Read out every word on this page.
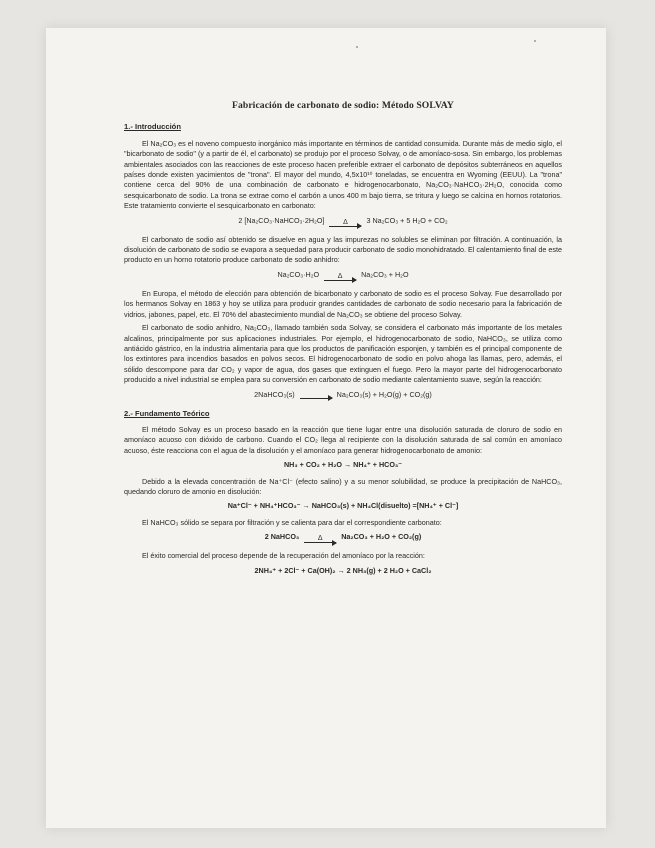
Fabricación de carbonato de sodio: Método SOLVAY
1.- Introducción

El Na₂CO₃ es el noveno compuesto inorgánico más importante en términos de cantidad consumida. Durante más de medio siglo, el "bicarbonato de sodio" (y a partir de él, el carbonato) se produjo por el proceso Solvay, o de amoníaco-sosa. Sin embargo, los problemas ambientales asociados con las reacciones de este proceso hacen preferible extraer el carbonato de depósitos subterráneos en aquellos países donde existen yacimientos de "trona". El mayor del mundo, 4,5x10¹⁰ toneladas, se encuentra en Wyoming (EEUU). La "trona" contiene cerca del 90% de una combinación de carbonato e hidrogenocarbonato, Na₂CO₃·NaHCO₃·2H₂O, conocida como sesquicarbonato de sodio. La trona se extrae como el carbón a unos 400 m bajo tierra, se tritura y luego se calcina en hornos rotatorios. Este tratamiento convierte el sesquicarbonato en carbonato:

2 [Na₂CO₃·NaHCO₃·2H₂O]	Δ	3 Na₂CO₃ + 5 H₂O + CO₂

El carbonato de sodio así obtenido se disuelve en agua y las impurezas no solubles se eliminan por filtración. A continuación, la disolución de carbonato de sodio se evapora a sequedad para producir carbonato de sodio monohidratado. El calentamiento final de este producto en un horno rotatorio produce carbonato de sodio anhidro:

Na₂CO₃·H₂O	Δ	Na₂CO₃ + H₂O

En Europa, el método de elección para obtención de bicarbonato y carbonato de sodio es el proceso Solvay. Fue desarrollado por los hermanos Solvay en 1863 y hoy se utiliza para producir grandes cantidades de carbonato de sodio necesario para la fabricación de vidrios, jabones, papel, etc. El 70% del abastecimiento mundial de Na₂CO₃ se obtiene del proceso Solvay.

El carbonato de sodio anhidro, Na₂CO₃, llamado también soda Solvay, se considera el carbonato más importante de los metales alcalinos, principalmente por sus aplicaciones industriales. Por ejemplo, el hidrogenocarbonato de sodio, NaHCO₃, se utiliza como antiácido gástrico, en la industria alimentaria para que los productos de panificación esponjen, y también es el principal componente de los extintores para incendios basados en polvos secos. El hidrogenocarbonato de sodio en polvo ahoga las llamas, pero, además, el sólido descompone para dar CO₂ y vapor de agua, dos gases que extinguen el fuego. Pero la mayor parte del hidrogenocarbonato producido a nivel industrial se emplea para su conversión en carbonato de sodio mediante calentamiento suave, según la reacción:

2NaHCO₃(s)	Na₂CO₃(s) + H₂O(g) + CO₂(g)
2.- Fundamento Teórico

El método Solvay es un proceso basado en la reacción que tiene lugar entre una disolución saturada de cloruro de sodio en amoníaco acuoso con dióxido de carbono. Cuando el CO₂ llega al recipiente con la disolución saturada de sal común en amoníaco acuoso, éste reacciona con el agua de la disolución y el amoníaco para generar hidrogenocarbonato de amonio:

NH₃ + CO₂ + H₂O → NH₄⁺ + HCO₃⁻

Debido a la elevada concentración de Na⁺Cl⁻ (efecto salino) y a su menor solubilidad, se produce la precipitación de NaHCO₃, quedando cloruro de amonio en disolución:

Na⁺Cl⁻ + NH₄⁺HCO₃⁻ → NaHCO₃(s) + NH₄Cl(disuelto) =[NH₄⁺ + Cl⁻]

El NaHCO₃ sólido se separa por filtración y se calienta para dar el correspondiente carbonato:

2 NaHCO₃	Δ	Na₂CO₃ + H₂O + CO₂(g)

El éxito comercial del proceso depende de la recuperación del amoníaco por la reacción:

2NH₄⁺ + 2Cl⁻ + Ca(OH)₂ → 2 NH₃(g) + 2 H₂O + CaCl₂
